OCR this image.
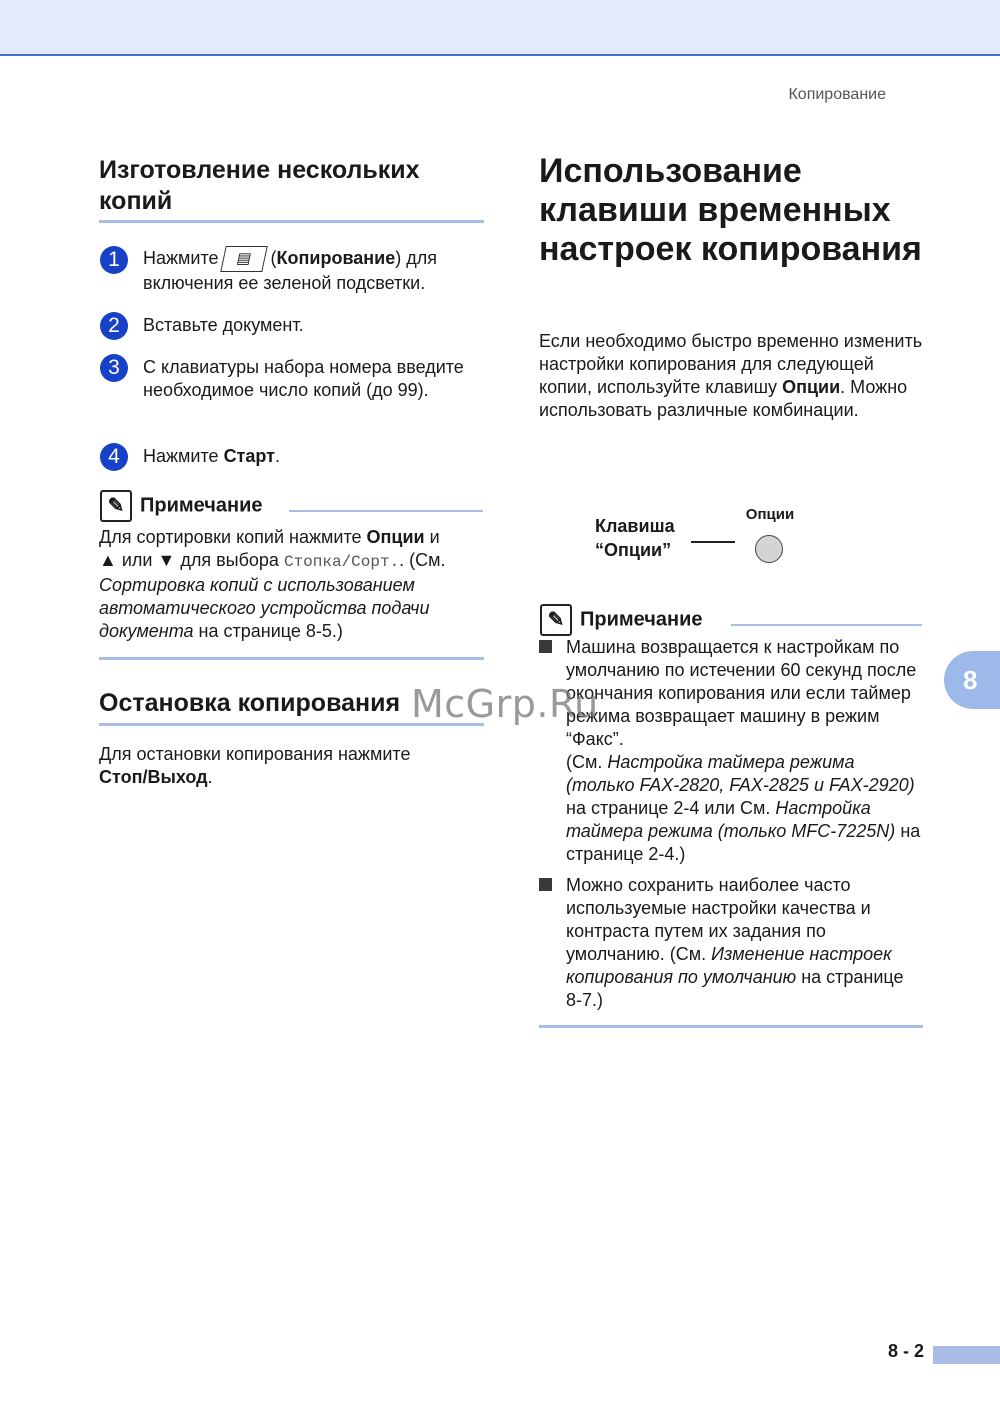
Копирование
Изготовление нескольких копий
1	Нажмите ▤ (Копирование) для включения ее зеленой подсветки.
2	Вставьте документ.
3	С клавиатуры набора номера введите необходимое число копий (до 99).
4	Нажмите Старт.
✎ Примечание
Для сортировки копий нажмите Опции и
▲ или ▼ для выбора Стопка/Сорт.. (См. Сортировка копий с использованием автоматического устройства подачи документа на странице 8-5.)
Остановка копирования
Для остановки копирования нажмите
Стоп/Выход.
Использование клавиши временных настроек копирования
Если необходимо быстро временно изменить настройки копирования для следующей копии, используйте клавишу Опции. Можно использовать различные комбинации.
Клавиша “Опции”
Опции
✎ Примечание
Машина возвращается к настройкам по умолчанию по истечении 60 секунд после окончания копирования или если таймер режима возвращает машину в режим “Факс”.
(См. Настройка таймера режима (только FAX-2820, FAX-2825 и FAX-2920) на странице 2-4 или См. Настройка таймера режима (только MFC-7225N) на странице 2-4.)
Можно сохранить наиболее часто используемые настройки качества и контраста путем их задания по умолчанию. (См. Изменение настроек копирования по умолчанию на странице 8-7.)
8
McGrp.Ru
8 - 2
